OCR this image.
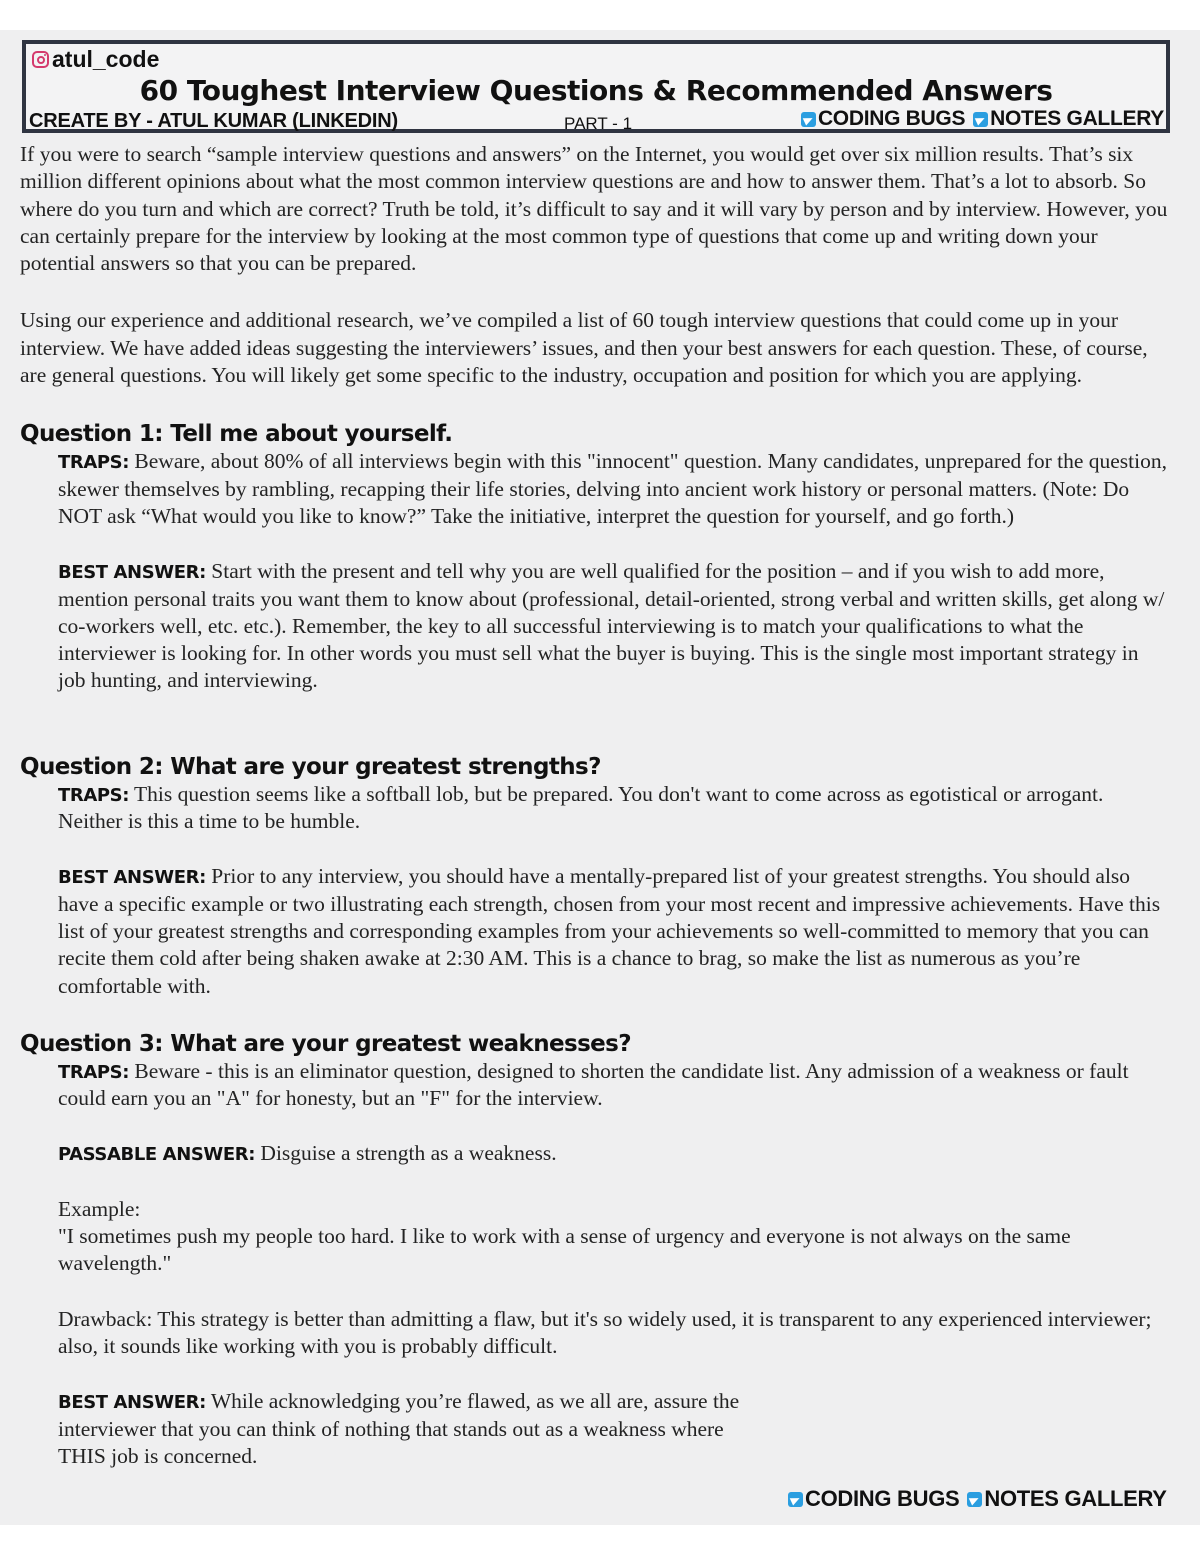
atul_code
60 Toughest Interview Questions & Recommended Answers
CREATE BY - ATUL KUMAR (LINKEDIN)	PART - 1	CODING BUGS NOTES GALLERY

If you were to search “sample interview questions and answers” on the Internet, you would get over six million results. That’s six million different opinions about what the most common interview questions are and how to answer them. That’s a lot to absorb. So where do you turn and which are correct? Truth be told, it’s difficult to say and it will vary by person and by interview. However, you can certainly prepare for the interview by looking at the most common type of questions that come up and writing down your potential answers so that you can be prepared.

Using our experience and additional research, we’ve compiled a list of 60 tough interview questions that could come up in your interview. We have added ideas suggesting the interviewers’ issues, and then your best answers for each question. These, of course, are general questions. You will likely get some specific to the industry, occupation and position for which you are applying.

Question 1: Tell me about yourself.

TRAPS: Beware, about 80% of all interviews begin with this "innocent" question. Many candidates, unprepared for the question, skewer themselves by rambling, recapping their life stories, delving into ancient work history or personal matters. (Note: Do NOT ask “What would you like to know?” Take the initiative, interpret the question for yourself, and go forth.)

BEST ANSWER: Start with the present and tell why you are well qualified for the position – and if you wish to add more, mention personal traits you want them to know about (professional, detail-oriented, strong verbal and written skills, get along w/ co-workers well, etc. etc.). Remember, the key to all successful interviewing is to match your qualifications to what the interviewer is looking for. In other words you must sell what the buyer is buying. This is the single most important strategy in job hunting, and interviewing.

Question 2: What are your greatest strengths?

TRAPS: This question seems like a softball lob, but be prepared. You don't want to come across as egotistical or arrogant. Neither is this a time to be humble.

BEST ANSWER: Prior to any interview, you should have a mentally-prepared list of your greatest strengths. You should also have a specific example or two illustrating each strength, chosen from your most recent and impressive achievements. Have this list of your greatest strengths and corresponding examples from your achievements so well-committed to memory that you can recite them cold after being shaken awake at 2:30 AM. This is a chance to brag, so make the list as numerous as you’re comfortable with.

Question 3: What are your greatest weaknesses?

TRAPS: Beware - this is an eliminator question, designed to shorten the candidate list. Any admission of a weakness or fault could earn you an "A" for honesty, but an "F" for the interview.

PASSABLE ANSWER: Disguise a strength as a weakness.

Example:

"I sometimes push my people too hard. I like to work with a sense of urgency and everyone is not always on the same wavelength."

Drawback: This strategy is better than admitting a flaw, but it's so widely used, it is transparent to any experienced interviewer; also, it sounds like working with you is probably difficult.

BEST ANSWER: While acknowledging you’re flawed, as we all are, assure the interviewer that you can think of nothing that stands out as a weakness where THIS job is concerned.

CODING BUGS NOTES GALLERY
